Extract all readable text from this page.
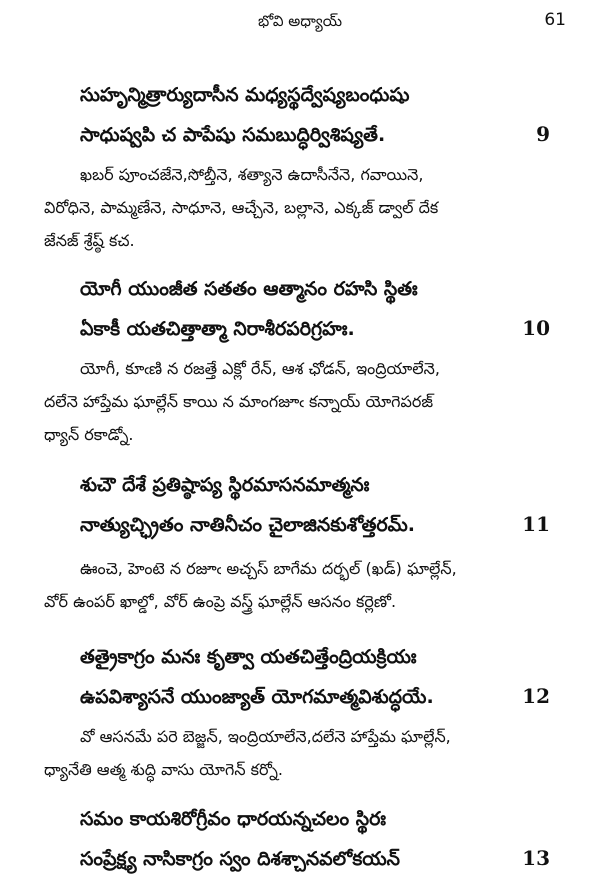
భోవి అధ్యాయ్	61
సుహృన్మిత్రార్యుదాసీన మధ్యస్థద్వేష్యబంధుషు
సాధుష్వపి చ పాపేషు సమబుద్ధిర్విశిష్యతే.	9
ఖబర్ పూంచజేనె,సోబ్తీనె, శత్యానె ఉదాసీనేనె, గవాయినె,
విరోధినె, పామ్మణేనె, సాధూనె, ఆచ్చేనె, బల్లానె, ఎక్కజ్ డ్వాల్ దేక
జేనజ్ శ్రేష్ఠ్ కచ.
యోగీ యుంజీత సతతం ఆత్మానం రహసి స్థితః
ఏకాకీ యతచిత్తాత్మా నిరాశీరపరిగ్రహః.	10
యోగీ, కూఁణి న రజత్తే ఎక్లో రేన్, ఆశ ఛోడన్, ఇంద్రియాలేనె,
దలేనె హాప్తేమ ఘాల్లేన్ కాయి న మాంగజూఁ కన్నాయ్ యోగెపరజ్
ధ్యాన్ రకాడ్నో.
శుచౌ దేశే ప్రతిష్ఠాప్య స్థిరమాసనమాత్మనః
నాత్యుచ్ఛ్రితం నాతినీచం చైలాజినకుశోత్తరమ్.	11
ఊంచె, హెంటె న రజూఁ అచ్చస్ బాగేమ దర్భల్ (ఖడ్) ఘాల్లేన్,
వోర్ ఉంపర్ ఖాల్డో, వోర్ ఉంప్రె వస్త్ర్ ఘాల్లేన్ ఆసనం కర్లెణో.
తత్రైకాగ్రం మనః కృత్వా యతచిత్తేంద్రియక్రియః
ఉపవిశ్యాసనే యుంజ్యాత్ యోగమాత్మవిశుద్ధయే.	12
వో ఆసనమే పరె బెజ్జన్, ఇంద్రియాలేనె,దలేనె హాప్తేమ ఘాల్లేన్,
ధ్యానేతి ఆత్మ శుద్ధి వాసు యోగెన్ కర్నో.
సమం కాయశిరోగ్రీవం ధారయన్నచలం స్థిరః
సంప్రేక్ష్య నాసికాగ్రం స్వం దిశశ్చానవలోకయన్	13
